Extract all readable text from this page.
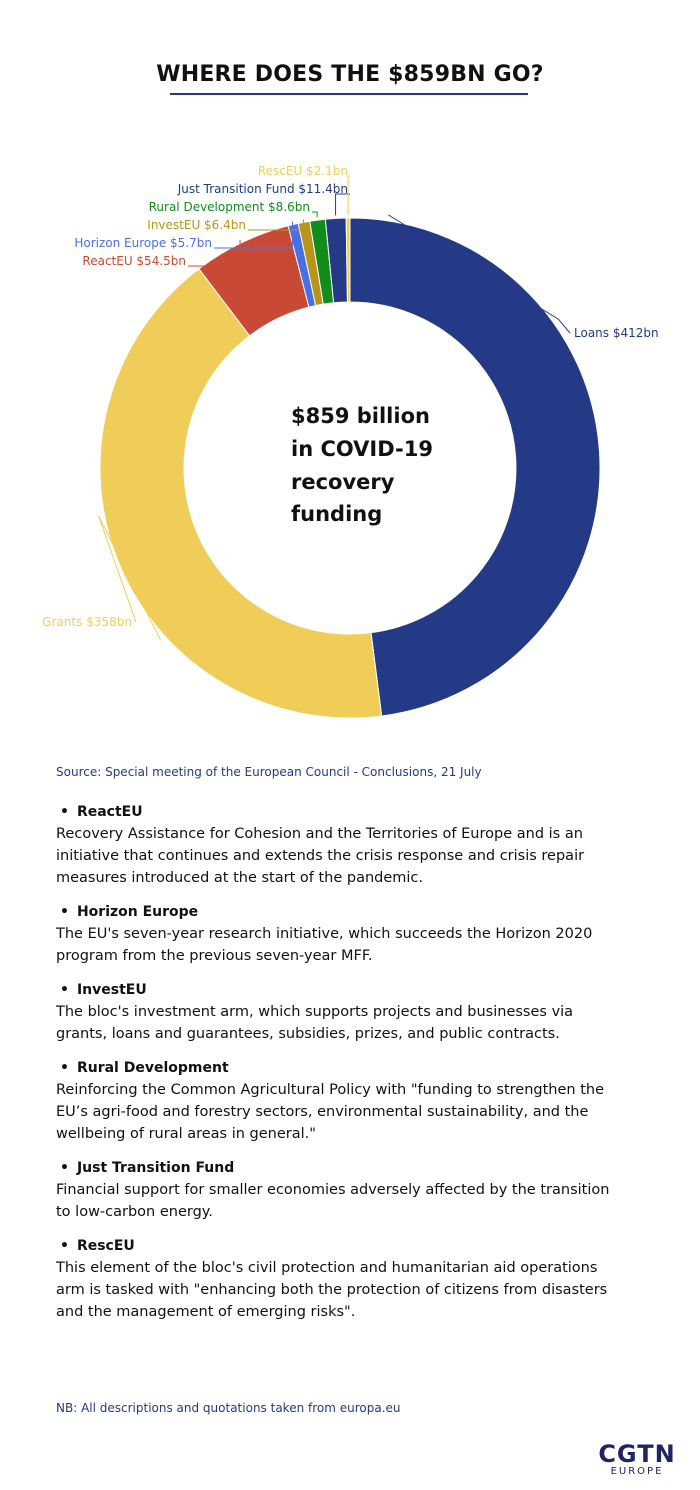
WHERE DOES THE $859BN GO?
Loans $412bn
Grants $358bn
ReactEU $54.5bn
Horizon Europe $5.7bn
InvestEU $6.4bn
Rural Development $8.6bn
Just Transition Fund $11.4bn
RescEU $2.1bn
$859 billion in COVID-19 recovery funding
Source: Special meeting of the European Council - Conclusions, 21 July
• ReactEU
Recovery Assistance for Cohesion and the Territories of Europe and is an initiative that continues and extends the crisis response and crisis repair measures introduced at the start of the pandemic.
• Horizon Europe
The EU's seven-year research initiative, which succeeds the Horizon 2020 program from the previous seven-year MFF.
• InvestEU
The bloc's investment arm, which supports projects and businesses via grants, loans and guarantees, subsidies, prizes, and public contracts.
• Rural Development
Reinforcing the Common Agricultural Policy with "funding to strengthen the EU’s agri-food and forestry sectors, environmental sustainability, and the wellbeing of rural areas in general."
• Just Transition Fund
Financial support for smaller economies adversely affected by the transition to low-carbon energy.
• RescEU
This element of the bloc's civil protection and humanitarian aid operations arm is tasked with "enhancing both the protection of citizens from disasters and the management of emerging risks".
NB: All descriptions and quotations taken from europa.eu
CGTN
EUROPE
